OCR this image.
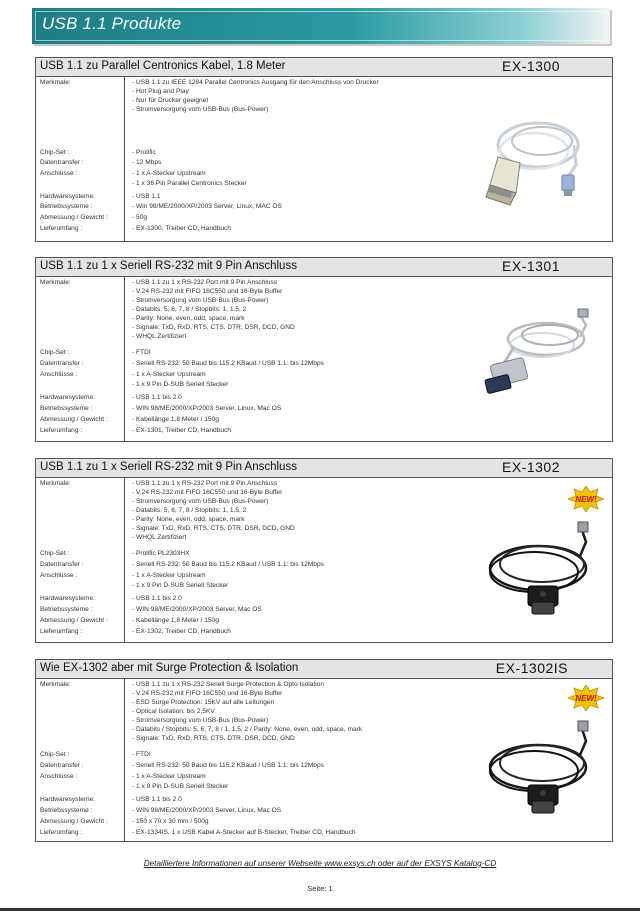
USB 1.1 Produkte
USB 1.1 zu Parallel Centronics Kabel, 1.8 Meter	EX-1300
Merkmale:	- USB 1.1 zu IEEE 1284 Parallel Centronics Ausgang für den Anschluss von Drucker
- Hot Plug and Play
- Nur für Drucker geeignet
- Stromversorgung vom USB-Bus (Bus-Power)
Chip-Set :	- Prolific
Datentransfer :	- 12 Mbps
Anschlüsse :	- 1 x A-Stecker Upstream
- 1 x 36 Pin Parallel Centronics Stecker
Hardwaresysteme:	- USB 1.1
Betriebssysteme :	- Win 98/ME/2000/XP/2003 Server, Linux, MAC OS
Abmessung / Gewicht :	- 50g
Lieferumfang :	- EX-1300, Treiber CD, Handbuch
USB 1.1 zu 1 x Seriell RS-232 mit 9 Pin Anschluss	EX-1301
Merkmale:	- USB 1.1 zu 1 x RS-232 Port mit 9 Pin Anschluss
- V.24 RS-232 mit FIFO 16C550 und 16-Byte Buffer
- Stromversorgung vom USB-Bus (Bus-Power)
- Databits: 5, 6, 7, 8 / Stopbits: 1, 1.5, 2
- Parity: None, even, odd, space, mark
- Signale: TxD, RxD, RTS, CTS, DTR, DSR, DCD, GND
- WHQL Zertifiziert
Chip-Set :	- FTDI
Datentransfer :	- Seriell RS-232: 50 Baud bis 115.2 KBaud / USB 1.1: bis 12Mbps
Anschlüsse :	- 1 x A-Stecker Upstream
- 1 x 9 Pin D-SUB Seriell Stecker
Hardwaresysteme:	- USB 1.1 bis 2.0
Betriebssysteme :	- WIN 98/ME/2000/XP/2003 Server, Linux, Mac OS
Abmessung / Gewicht :	- Kabellänge 1,8 Meter / 150g
Lieferumfang :	- EX-1301, Treiber CD, Handbuch
USB 1.1 zu 1 x Seriell RS-232 mit 9 Pin Anschluss	EX-1302
Merkmale:	- USB 1.1 zu 1 x RS-232 Port mit 9 Pin Anschluss
- V.24 RS-232 mit FIFO 16C550 und 16-Byte Buffer
- Stromversorgung vom USB-Bus (Bus-Power)
- Databits: 5, 6, 7, 8 / Stopbits: 1, 1.5, 2
- Parity: None, even, odd, space, mark
- Signale: TxD, RxD, RTS, CTS, DTR, DSR, DCD, GND
- WHQL Zertifiziert
Chip-Set :	- Prolific PL2303HX
Datentransfer :	- Seriell RS-232: 50 Baud bis 115.2 KBaud / USB 1.1: bis 12Mbps
Anschlüsse :	- 1 x A-Stecker Upstream
- 1 x 9 Pin D-SUB Seriell Stecker
Hardwaresysteme:	- USB 1.1 bis 2.0
Betriebssysteme :	- WIN 98/ME/2000/XP/2003 Server, Mac OS
Abmessung / Gewicht :	- Kabellänge 1,8 Meter / 150g
Lieferumfang :	- EX-1302, Treiber CD, Handbuch
NEW!
Wie EX-1302 aber mit Surge Protection & Isolation	EX-1302IS
Merkmale:	- USB 1.1 zu 1 x RS-232 Seriell Surge Protection & Opto Isolation
- V.24 RS-232 mit FIFO 16C550 und 16-Byte Buffer
- ESD Surge Protection: 15KV auf alle Leitungen
- Optical Isolation: bis 2,5KV
- Stromversorgung vom USB-Bus (Bus-Power)
- Databits / Stopbits: 5, 6, 7, 8 / 1, 1.5, 2 / Parity: None, even, odd, space, mark
- Signale: TxD, RxD, RTS, CTS, DTR, DSR, DCD, GND
Chip-Set :	- FTDI
Datentransfer :	- Seriell RS-232: 50 Baud bis 115.2 KBaud / USB 1.1: bis 12Mbps
Anschlüsse :	- 1 x A-Stecker Upstream
- 1 x 9 Pin D-SUB Seriell Stecker
Hardwaresysteme:	- USB 1.1 bis 2.0
Betriebssysteme :	- WIN 98/ME/2000/XP/2003 Server, Linux, Mac OS
Abmessung / Gewicht :	- 150 x 70 x 30 mm / 500g
Lieferumfang :	- EX-1334IS, 1 x USB Kabel A-Stecker auf B-Stecker, Treiber CD, Handbuch
NEW!
Detailliertere Informationen auf unserer Webseite www.exsys.ch oder auf der EXSYS Katalog-CD
Seite: 1
